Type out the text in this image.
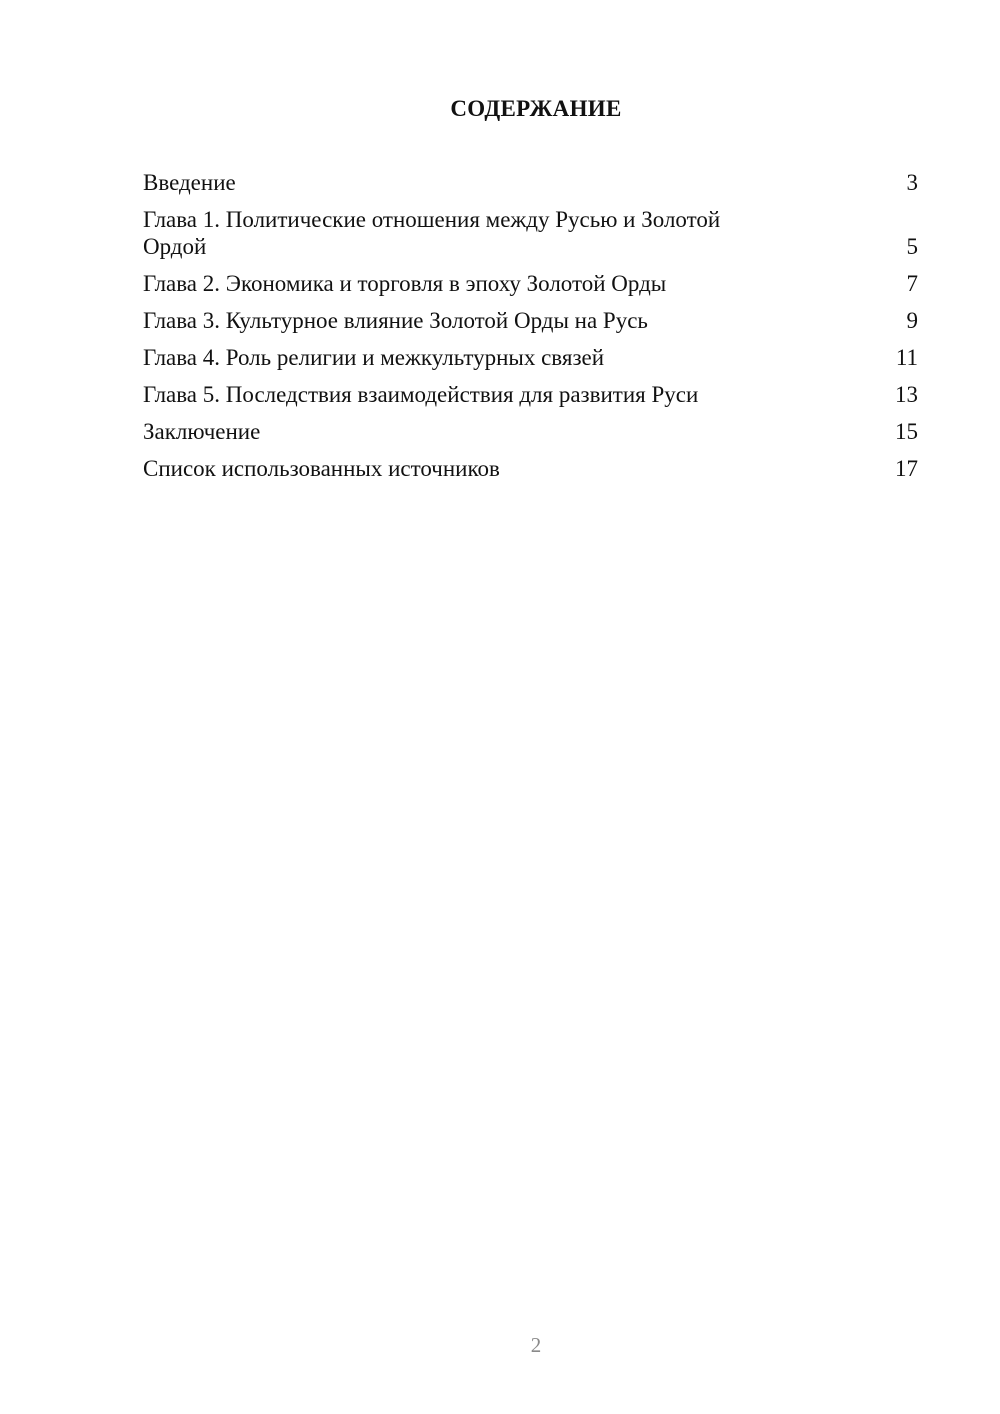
СОДЕРЖАНИЕ
Введение	3
Глава 1. Политические отношения между Русью и Золотой Ордой	5
Глава 2. Экономика и торговля в эпоху Золотой Орды	7
Глава 3. Культурное влияние Золотой Орды на Русь	9
Глава 4. Роль религии и межкультурных связей	11
Глава 5. Последствия взаимодействия для развития Руси	13
Заключение	15
Список использованных источников	17
2
